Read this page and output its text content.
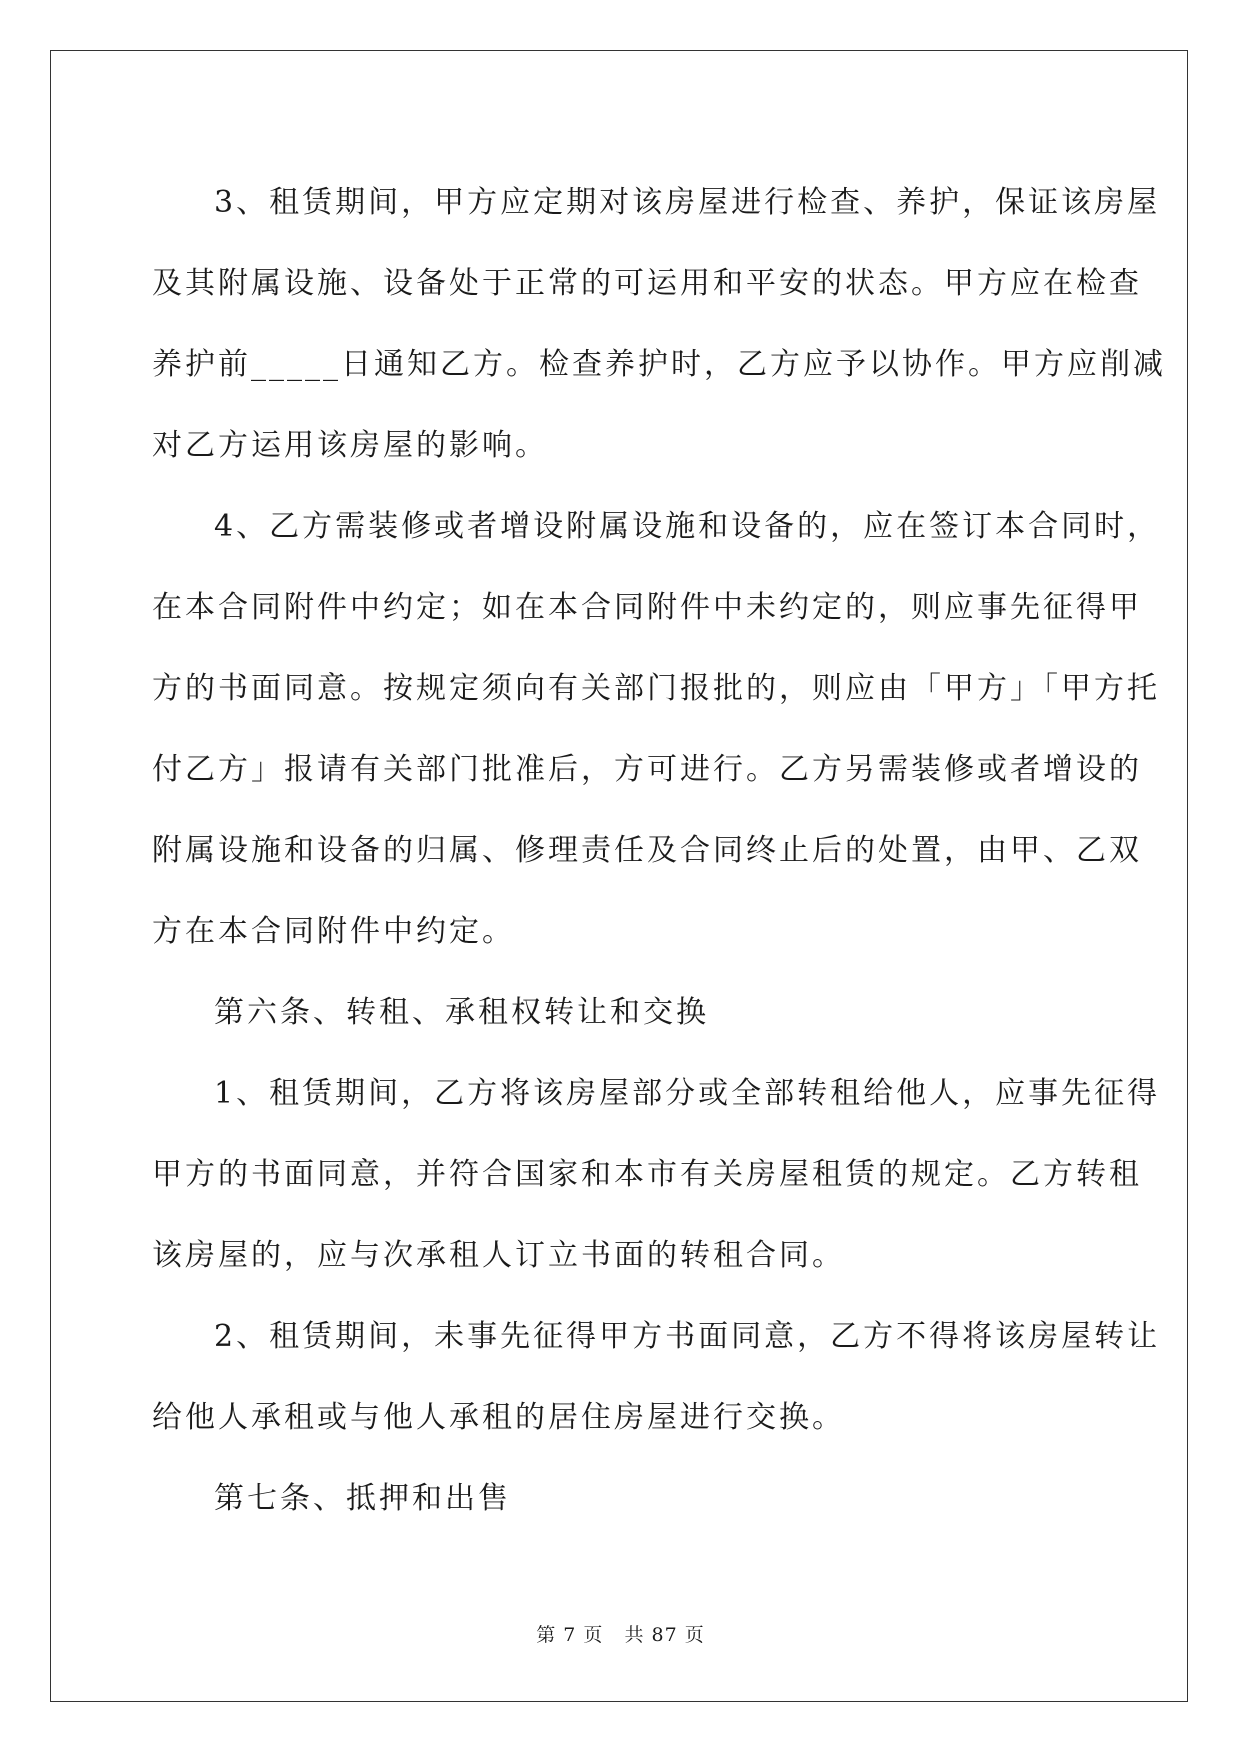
3、租赁期间，甲方应定期对该房屋进行检查、养护，保证该房屋
及其附属设施、设备处于正常的可运用和平安的状态。甲方应在检查
养护前_____日通知乙方。检查养护时，乙方应予以协作。甲方应削减
对乙方运用该房屋的影响。
4、乙方需装修或者增设附属设施和设备的，应在签订本合同时，
在本合同附件中约定；如在本合同附件中未约定的，则应事先征得甲
方的书面同意。按规定须向有关部门报批的，则应由「甲方」「甲方托
付乙方」报请有关部门批准后，方可进行。乙方另需装修或者增设的
附属设施和设备的归属、修理责任及合同终止后的处置，由甲、乙双
方在本合同附件中约定。
第六条、转租、承租权转让和交换
1、租赁期间，乙方将该房屋部分或全部转租给他人，应事先征得
甲方的书面同意，并符合国家和本市有关房屋租赁的规定。乙方转租
该房屋的，应与次承租人订立书面的转租合同。
2、租赁期间，未事先征得甲方书面同意，乙方不得将该房屋转让
给他人承租或与他人承租的居住房屋进行交换。
第七条、抵押和出售
第 7 页 共 87 页
